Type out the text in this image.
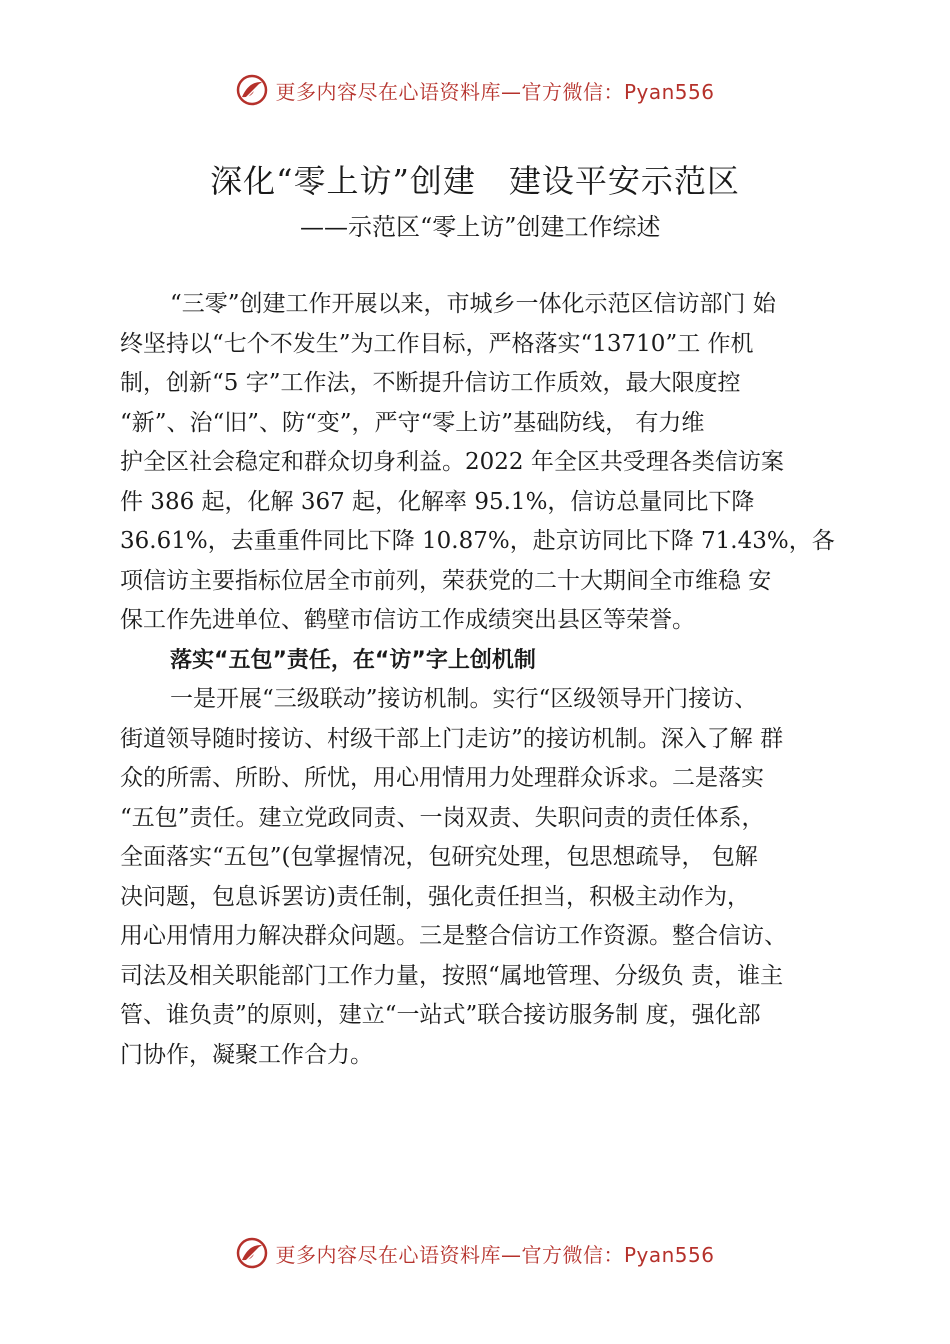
更多内容尽在心语资料库—官方微信：Pyan556
深化“零上访”创建　建设平安示范区
——示范区“零上访”创建工作综述
“三零”创建工作开展以来，市城乡一体化示范区信访部门 始
终坚持以“七个不发生”为工作目标，严格落实“13710”工 作机
制，创新“5 字”工作法，不断提升信访工作质效，最大限度控
“新”、治“旧”、防“变”，严守“零上访”基础防线， 有力维
护全区社会稳定和群众切身利益。2022 年全区共受理各类信访案
件 386 起，化解 367 起，化解率 95.1%，信访总量同比下降
36.61%，去重重件同比下降 10.87%，赴京访同比下降 71.43%，各
项信访主要指标位居全市前列，荣获党的二十大期间全市维稳 安
保工作先进单位、鹤壁市信访工作成绩突出县区等荣誉。
落实“五包”责任，在“访”字上创机制
一是开展“三级联动”接访机制。实行“区级领导开门接访、
街道领导随时接访、村级干部上门走访”的接访机制。深入了解 群
众的所需、所盼、所忧，用心用情用力处理群众诉求。二是落实
“五包”责任。建立党政同责、一岗双责、失职问责的责任体系，
全面落实“五包”(包掌握情况，包研究处理，包思想疏导， 包解
决问题，包息诉罢访)责任制，强化责任担当，积极主动作为，
用心用情用力解决群众问题。三是整合信访工作资源。整合信访、
司法及相关职能部门工作力量，按照“属地管理、分级负 责，谁主
管、谁负责”的原则，建立“一站式”联合接访服务制 度，强化部
门协作，凝聚工作合力。
更多内容尽在心语资料库—官方微信：Pyan556
